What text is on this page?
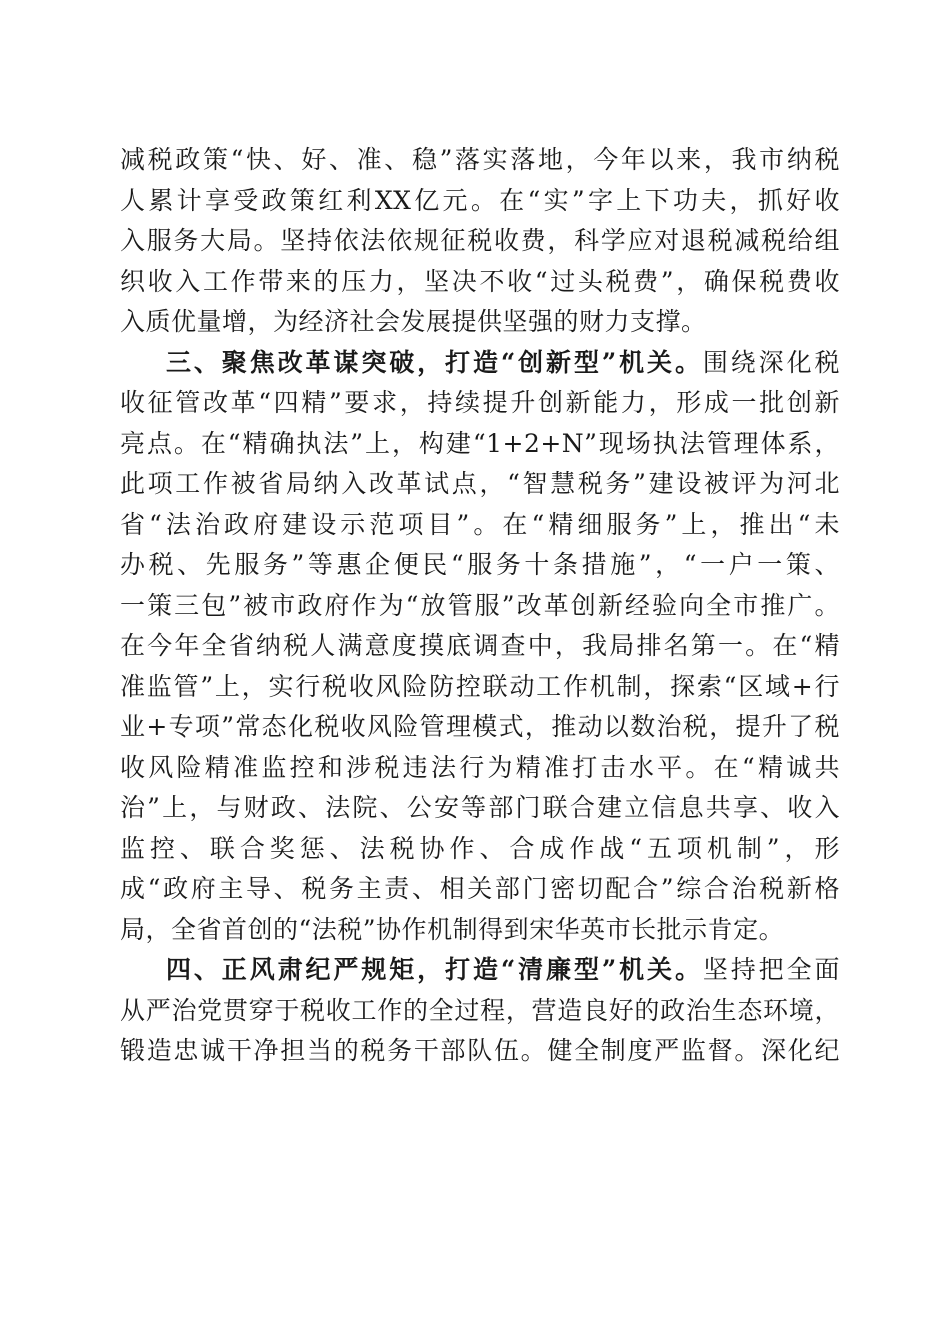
减税政策“快、好、准、稳”落实落地，今年以来，我市纳税
人累计享受政策红利XX亿元。在“实”字上下功夫，抓好收
入服务大局。坚持依法依规征税收费，科学应对退税减税给组
织收入工作带来的压力，坚决不收“过头税费”，确保税费收
入质优量增，为经济社会发展提供坚强的财力支撑。
三、聚焦改革谋突破，打造“创新型”机关。围绕深化税
收征管改革“四精”要求，持续提升创新能力，形成一批创新
亮点。在“精确执法”上，构建“1+2+N”现场执法管理体系，
此项工作被省局纳入改革试点，“智慧税务”建设被评为河北
省“法治政府建设示范项目”。在“精细服务”上，推出“未
办税、先服务”等惠企便民“服务十条措施”，“一户一策、
一策三包”被市政府作为“放管服”改革创新经验向全市推广。
在今年全省纳税人满意度摸底调查中，我局排名第一。在“精
准监管”上，实行税收风险防控联动工作机制，探索“区域+行
业+专项”常态化税收风险管理模式，推动以数治税，提升了税
收风险精准监控和涉税违法行为精准打击水平。在“精诚共
治”上，与财政、法院、公安等部门联合建立信息共享、收入
监控、联合奖惩、法税协作、合成作战“五项机制”，形
成“政府主导、税务主责、相关部门密切配合”综合治税新格
局，全省首创的“法税”协作机制得到宋华英市长批示肯定。
四、正风肃纪严规矩，打造“清廉型”机关。坚持把全面
从严治党贯穿于税收工作的全过程，营造良好的政治生态环境，
锻造忠诚干净担当的税务干部队伍。健全制度严监督。深化纪
